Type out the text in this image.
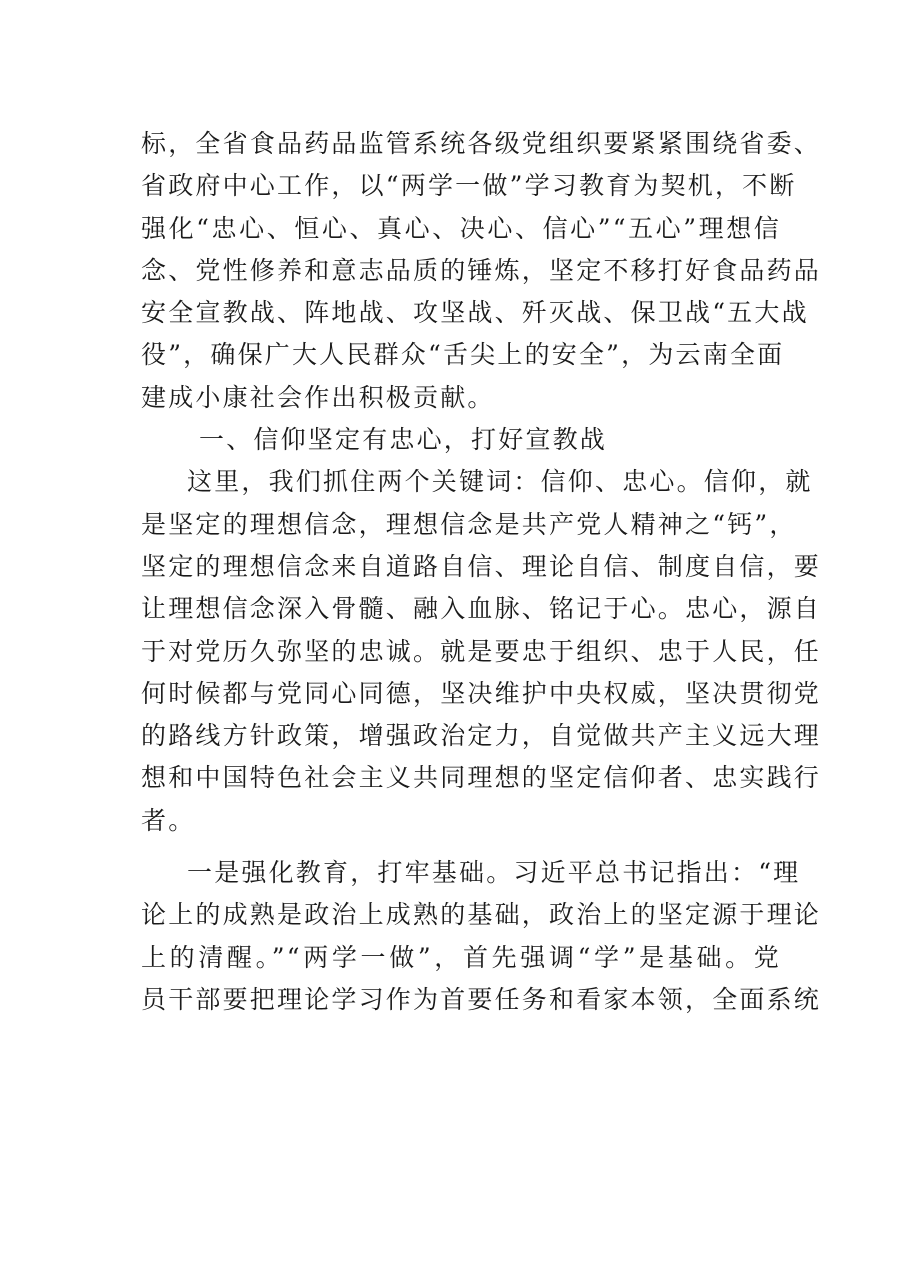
标，全省食品药品监管系统各级党组织要紧紧围绕省委、
省政府中心工作，以“两学一做”学习教育为契机，不断
强化“忠心、恒心、真心、决心、信心”“五心”理想信
念、党性修养和意志品质的锤炼，坚定不移打好食品药品
安全宣教战、阵地战、攻坚战、歼灭战、保卫战“五大战
役”，确保广大人民群众“舌尖上的安全”，为云南全面
建成小康社会作出积极贡献。
一、信仰坚定有忠心，打好宣教战
这里，我们抓住两个关键词：信仰、忠心。信仰，就
是坚定的理想信念，理想信念是共产党人精神之“钙”，
坚定的理想信念来自道路自信、理论自信、制度自信，要
让理想信念深入骨髓、融入血脉、铭记于心。忠心，源自
于对党历久弥坚的忠诚。就是要忠于组织、忠于人民，任
何时候都与党同心同德，坚决维护中央权威，坚决贯彻党
的路线方针政策，增强政治定力，自觉做共产主义远大理
想和中国特色社会主义共同理想的坚定信仰者、忠实践行
者。
一是强化教育，打牢基础。习近平总书记指出：“理
论上的成熟是政治上成熟的基础，政治上的坚定源于理论
上的清醒。”“两学一做”，首先强调“学”是基础。党
员干部要把理论学习作为首要任务和看家本领，全面系统
